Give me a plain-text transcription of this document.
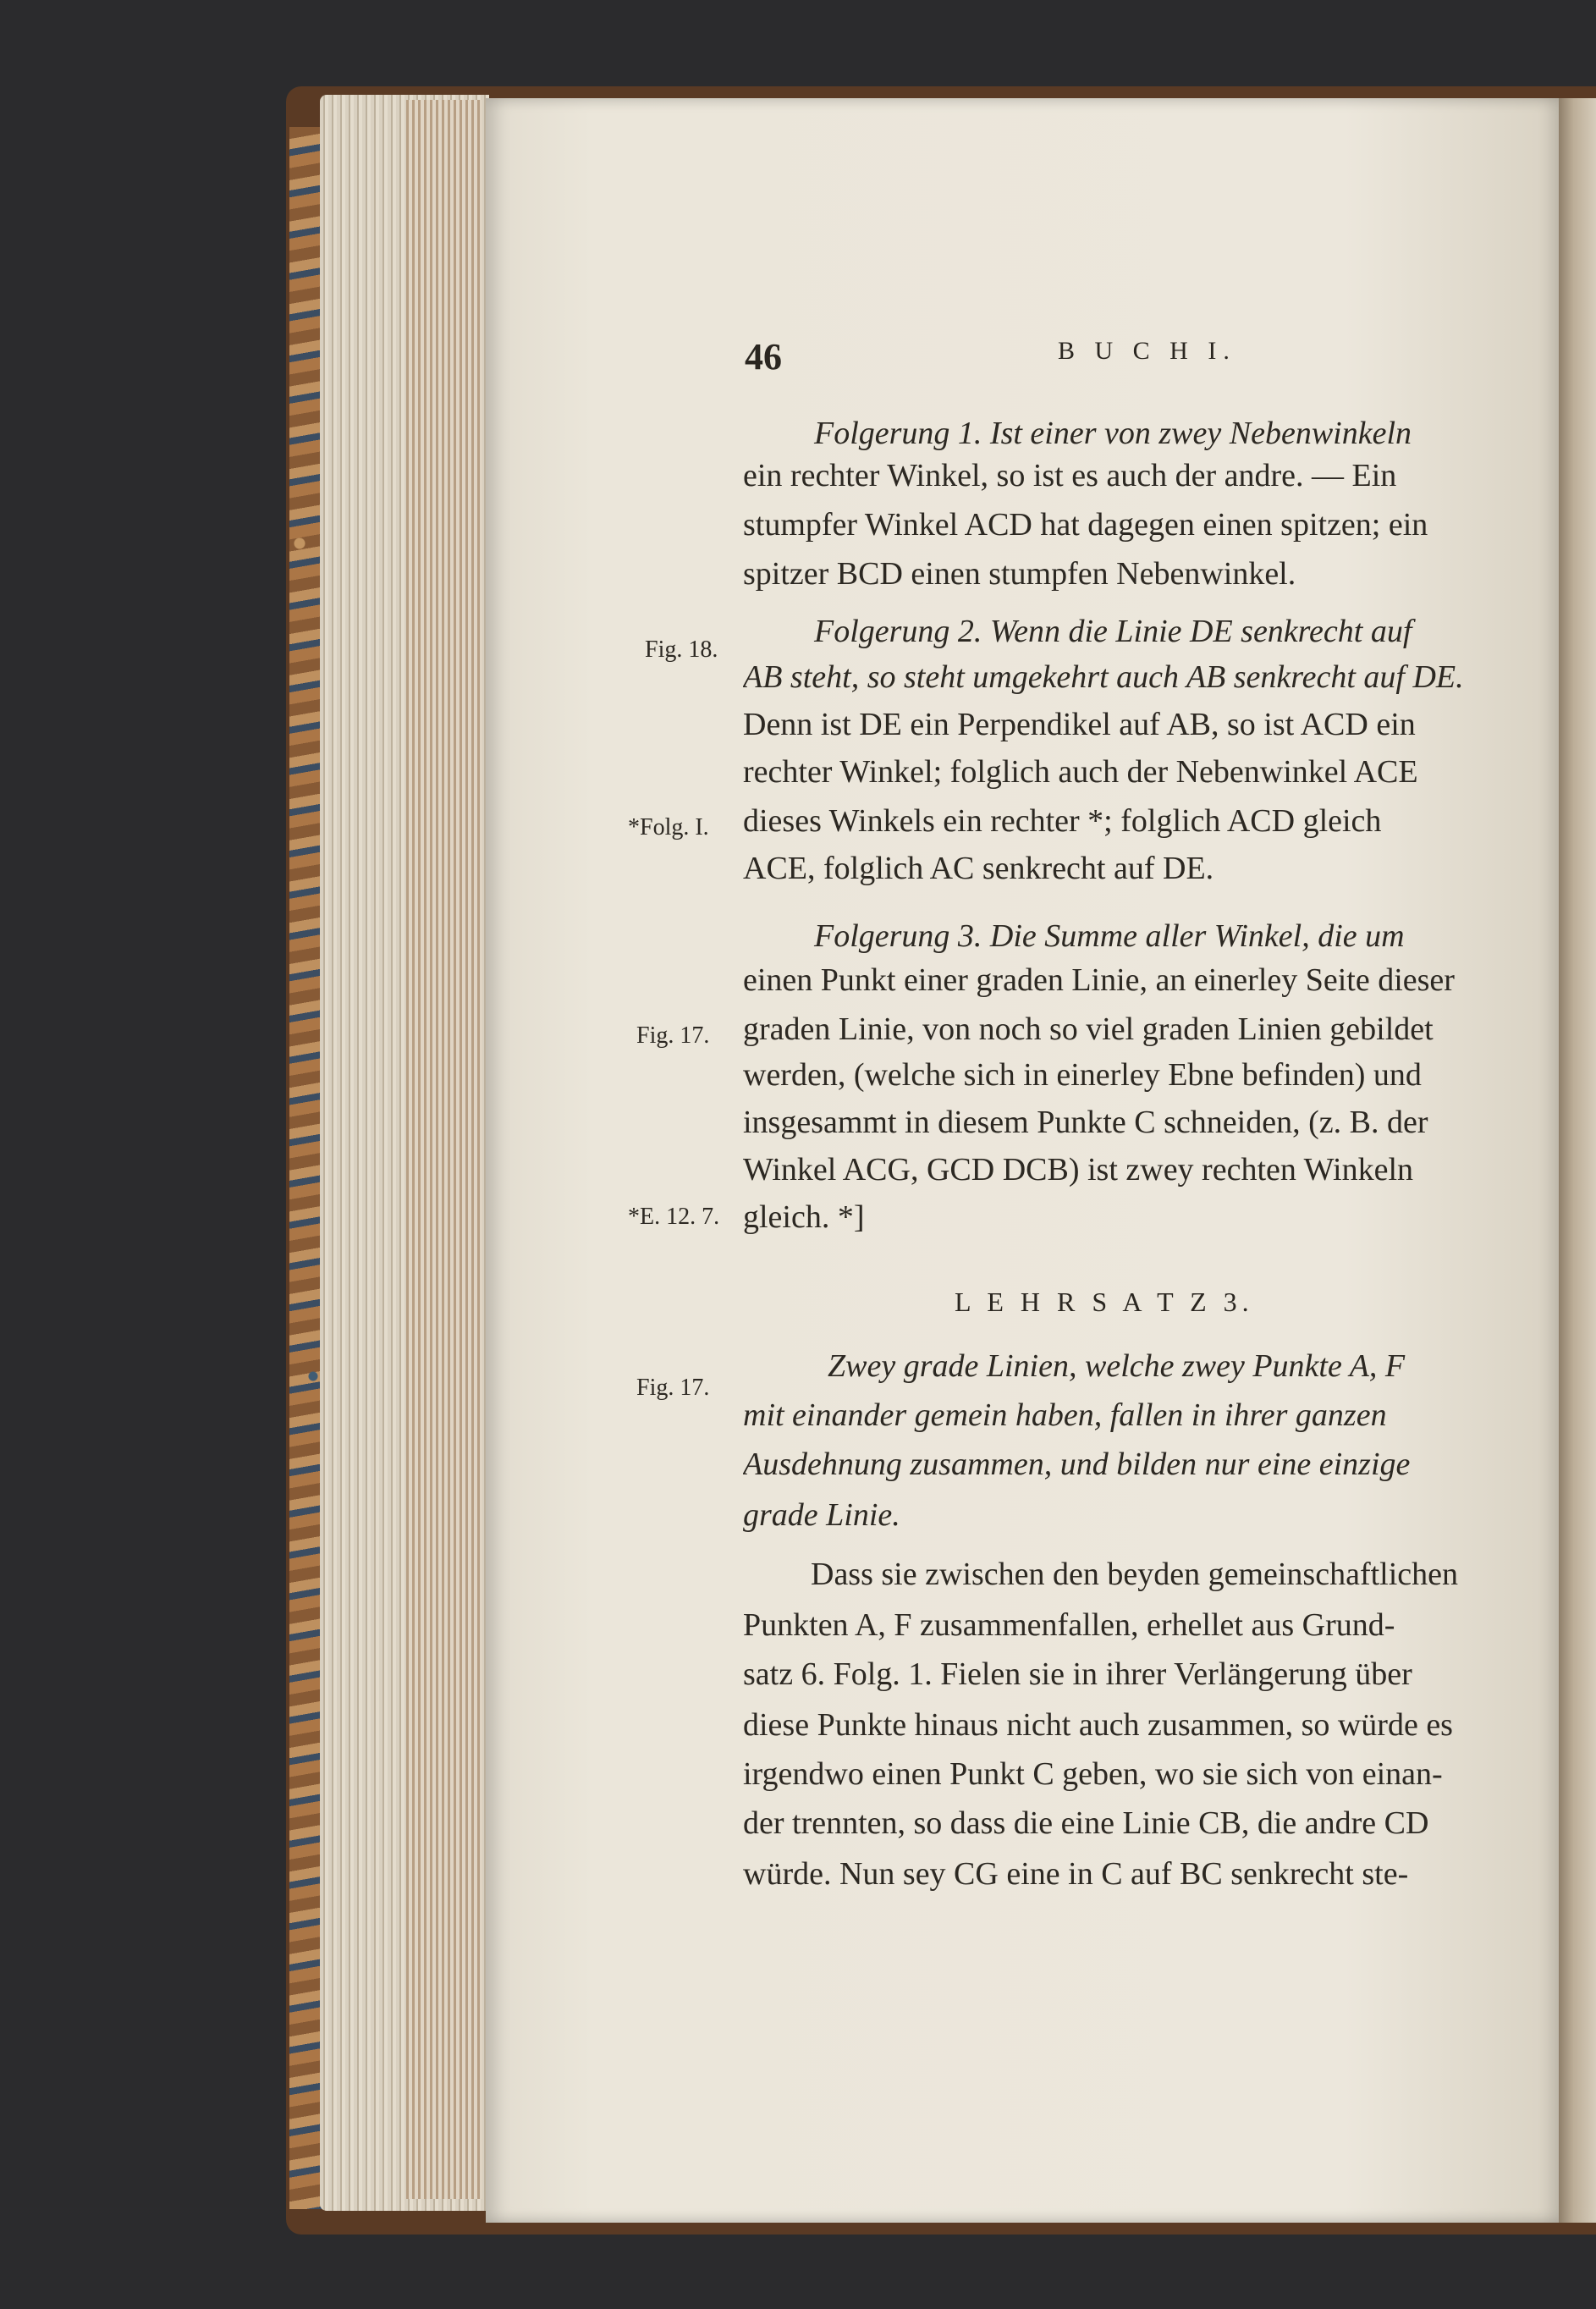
46	B U C H I.
Fig. 18.
*Folg. I.
Fig. 17.
*E. 12. 7.
Fig. 17.
Folgerung 1. Ist einer von zwey Nebenwinkeln
ein rechter Winkel, so ist es auch der andre. — Ein
stumpfer Winkel ACD hat dagegen einen spitzen; ein
spitzer BCD einen stumpfen Nebenwinkel.
Folgerung 2. Wenn die Linie DE senkrecht auf
AB steht, so steht umgekehrt auch AB senkrecht auf DE.
Denn ist DE ein Perpendikel auf AB, so ist ACD ein
rechter Winkel; folglich auch der Nebenwinkel ACE
dieses Winkels ein rechter *; folglich ACD gleich
ACE, folglich AC senkrecht auf DE.
Folgerung 3. Die Summe aller Winkel, die um
einen Punkt einer graden Linie, an einerley Seite dieser
graden Linie, von noch so viel graden Linien gebildet
werden, (welche sich in einerley Ebne befinden) und
insgesammt in diesem Punkte C schneiden, (z. B. der
Winkel ACG, GCD DCB) ist zwey rechten Winkeln
gleich. *]
L E H R S A T Z 3.
Zwey grade Linien, welche zwey Punkte A, F
mit einander gemein haben, fallen in ihrer ganzen
Ausdehnung zusammen, und bilden nur eine einzige
grade Linie.
Dass sie zwischen den beyden gemeinschaftlichen
Punkten A, F zusammenfallen, erhellet aus Grund-
satz 6. Folg. 1. Fielen sie in ihrer Verlängerung über
diese Punkte hinaus nicht auch zusammen, so würde es
irgendwo einen Punkt C geben, wo sie sich von einan-
der trennten, so dass die eine Linie CB, die andre CD
würde. Nun sey CG eine in C auf BC senkrecht ste-
